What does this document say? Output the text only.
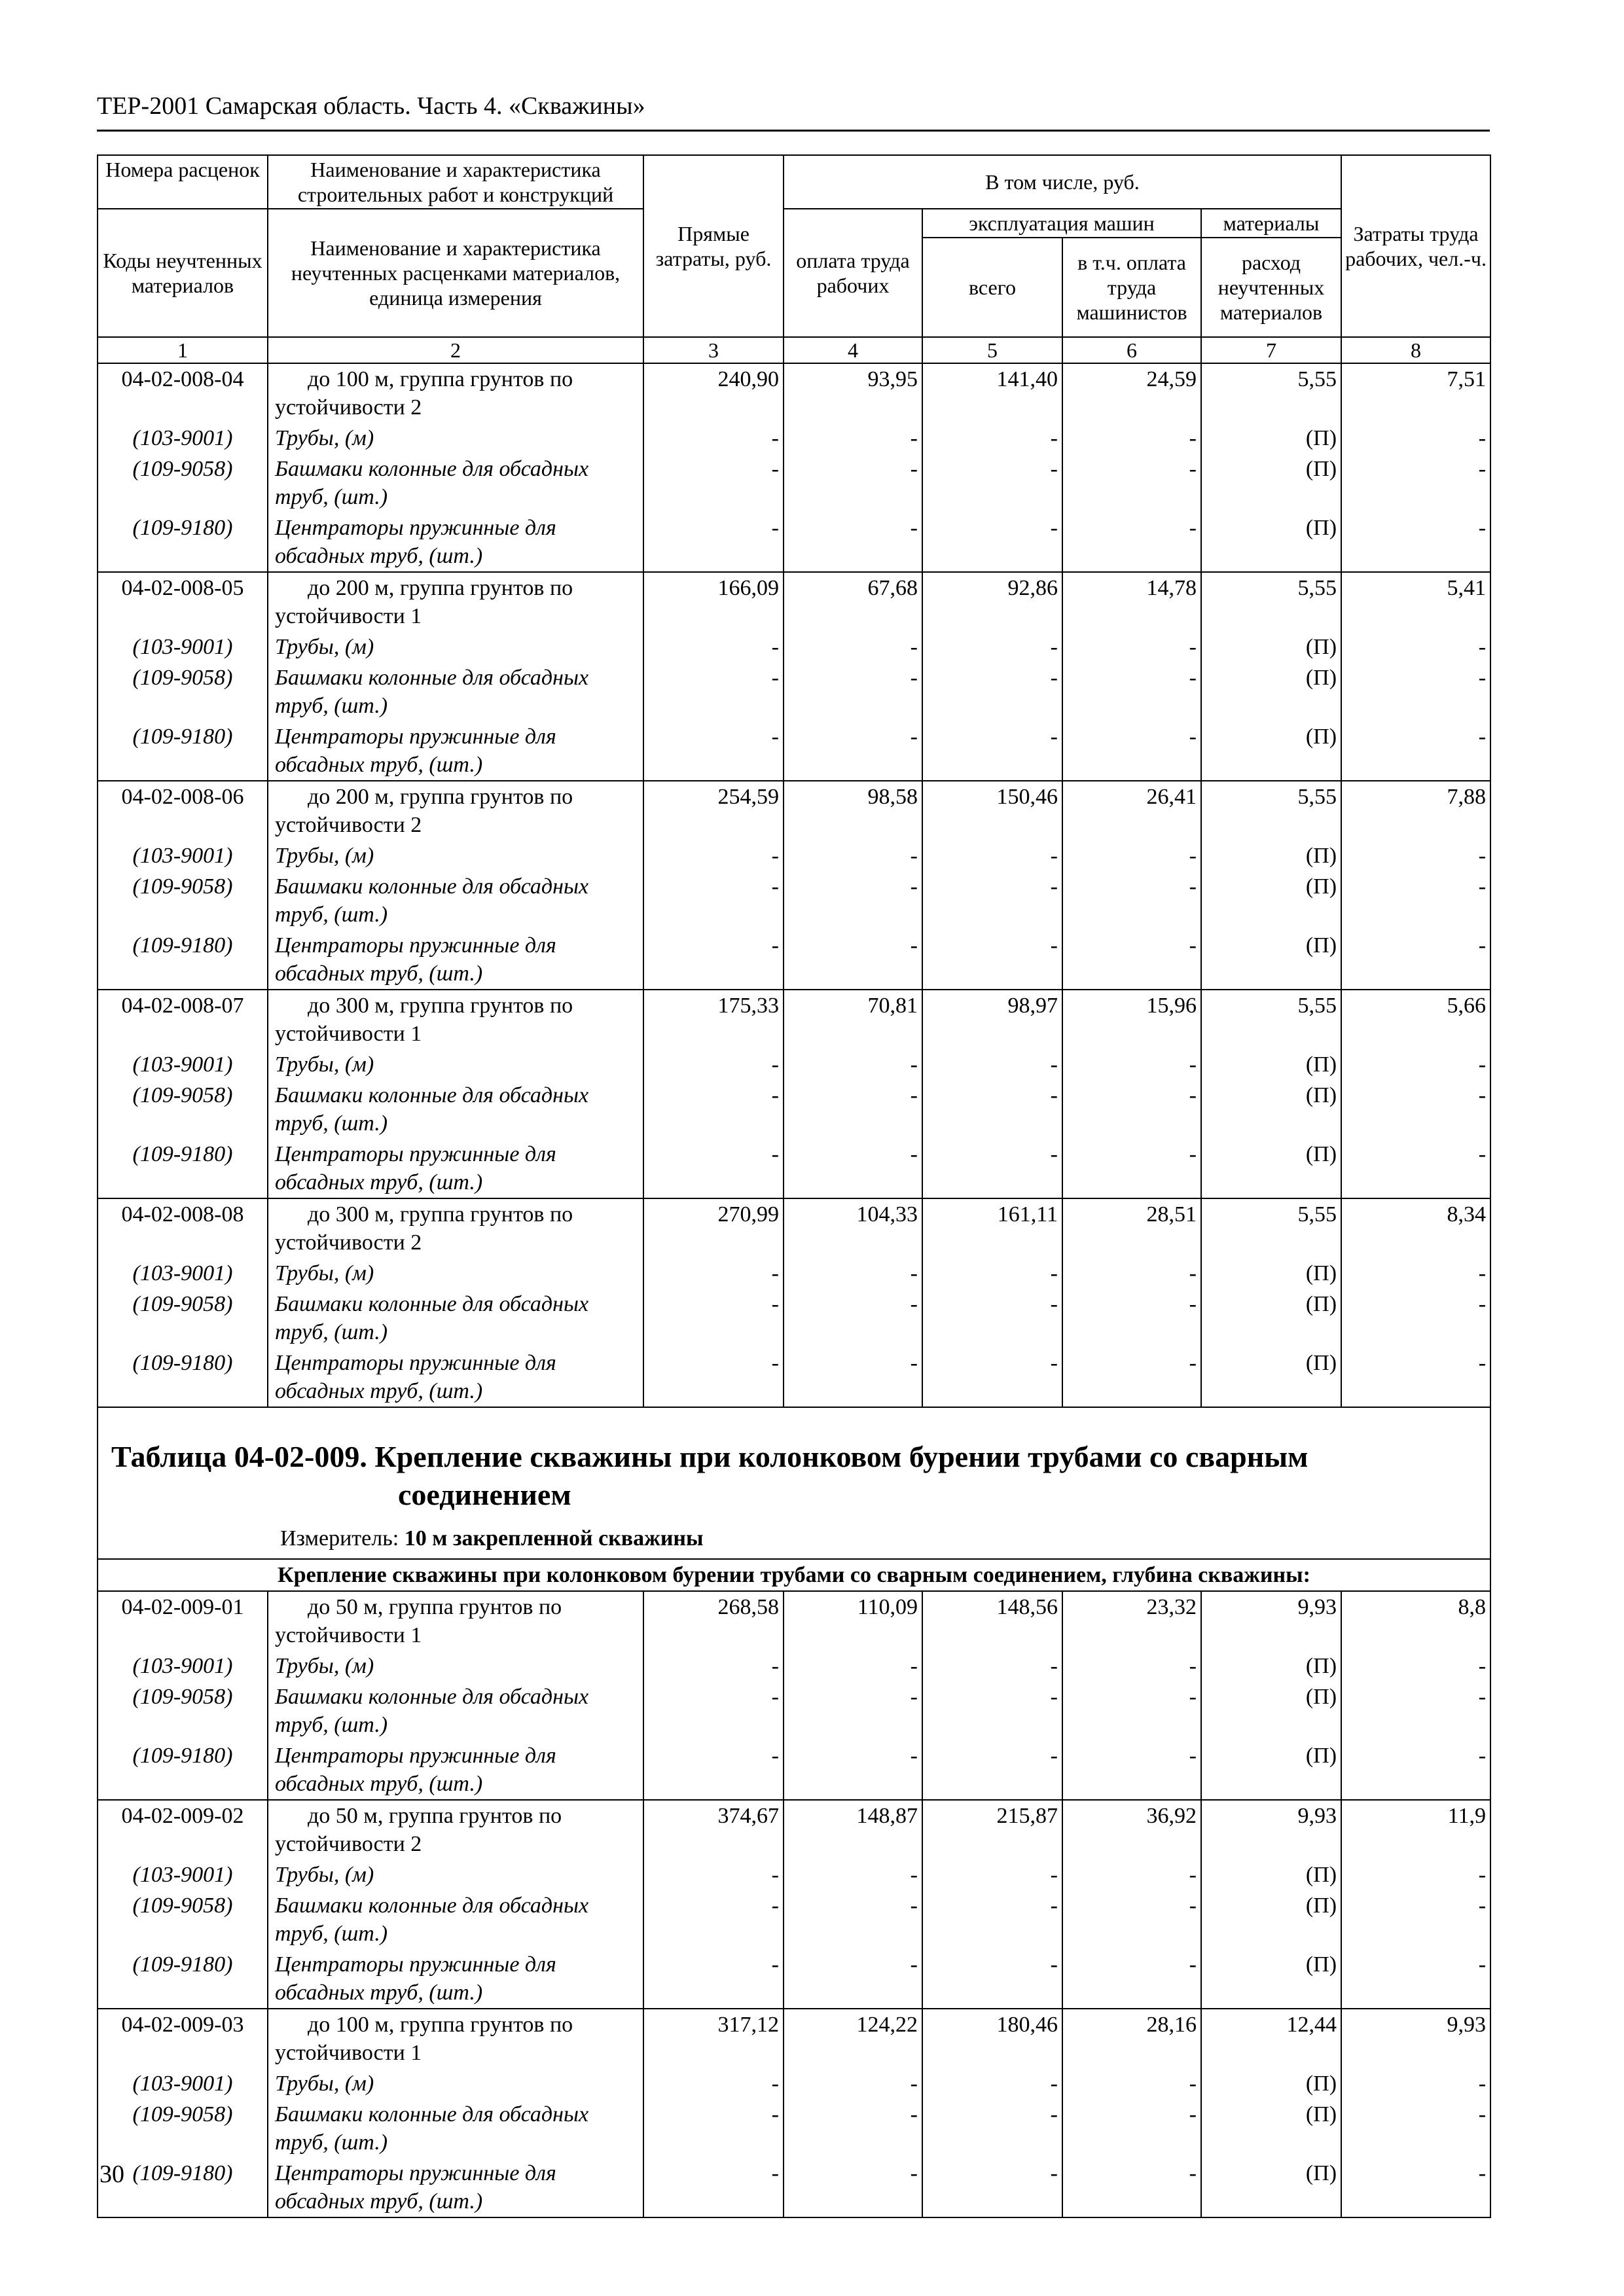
ТЕР-2001 Самарская область. Часть 4. «Скважины»
Номера расценок	Наименование и характеристика строительных работ и конструкций	Прямые затраты, руб.	В том числе, руб.				Затраты труда рабочих, чел.-ч.
Коды неучтенных материалов	Наименование и характеристика неучтенных расценками материалов, единица измерения		оплата труда рабочих	эксплуатация машин		материалы	
				всего	в т.ч. оплата труда машинистов	расход неучтенных материалов	
1	2	3	4	5	6	7	8
04-02-008-04	до 100 м, группа грунтов по устойчивости 2	240,90	93,95	141,40	24,59	5,55	7,51
(103-9001)	Трубы, (м)	-	-	-	-	(П)	-
(109-9058)	Башмаки колонные для обсадных труб, (шт.)	-	-	-	-	(П)	-
(109-9180)	Центраторы пружинные для обсадных труб, (шт.)	-	-	-	-	(П)	-
04-02-008-05	до 200 м, группа грунтов по устойчивости 1	166,09	67,68	92,86	14,78	5,55	5,41
(103-9001)	Трубы, (м)	-	-	-	-	(П)	-
(109-9058)	Башмаки колонные для обсадных труб, (шт.)	-	-	-	-	(П)	-
(109-9180)	Центраторы пружинные для обсадных труб, (шт.)	-	-	-	-	(П)	-
04-02-008-06	до 200 м, группа грунтов по устойчивости 2	254,59	98,58	150,46	26,41	5,55	7,88
(103-9001)	Трубы, (м)	-	-	-	-	(П)	-
(109-9058)	Башмаки колонные для обсадных труб, (шт.)	-	-	-	-	(П)	-
(109-9180)	Центраторы пружинные для обсадных труб, (шт.)	-	-	-	-	(П)	-
04-02-008-07	до 300 м, группа грунтов по устойчивости 1	175,33	70,81	98,97	15,96	5,55	5,66
(103-9001)	Трубы, (м)	-	-	-	-	(П)	-
(109-9058)	Башмаки колонные для обсадных труб, (шт.)	-	-	-	-	(П)	-
(109-9180)	Центраторы пружинные для обсадных труб, (шт.)	-	-	-	-	(П)	-
04-02-008-08	до 300 м, группа грунтов по устойчивости 2	270,99	104,33	161,11	28,51	5,55	8,34
(103-9001)	Трубы, (м)	-	-	-	-	(П)	-
(109-9058)	Башмаки колонные для обсадных труб, (шт.)	-	-	-	-	(П)	-
(109-9180)	Центраторы пружинные для обсадных труб, (шт.)	-	-	-	-	(П)	-

Таблица 04-02-009. Крепление скважины при колонковом бурении трубами со сварным
соединением
Измеритель: 10 м закрепленной скважины							

Крепление скважины при колонковом бурении трубами со сварным соединением, глубина скважины:							
04-02-009-01	до 50 м, группа грунтов по устойчивости 1	268,58	110,09	148,56	23,32	9,93	8,8
(103-9001)	Трубы, (м)	-	-	-	-	(П)	-
(109-9058)	Башмаки колонные для обсадных труб, (шт.)	-	-	-	-	(П)	-
(109-9180)	Центраторы пружинные для обсадных труб, (шт.)	-	-	-	-	(П)	-
04-02-009-02	до 50 м, группа грунтов по устойчивости 2	374,67	148,87	215,87	36,92	9,93	11,9
(103-9001)	Трубы, (м)	-	-	-	-	(П)	-
(109-9058)	Башмаки колонные для обсадных труб, (шт.)	-	-	-	-	(П)	-
(109-9180)	Центраторы пружинные для обсадных труб, (шт.)	-	-	-	-	(П)	-
04-02-009-03	до 100 м, группа грунтов по устойчивости 1	317,12	124,22	180,46	28,16	12,44	9,93
(103-9001)	Трубы, (м)	-	-	-	-	(П)	-
(109-9058)	Башмаки колонные для обсадных труб, (шт.)	-	-	-	-	(П)	-
(109-9180)	Центраторы пружинные для обсадных труб, (шт.)	-	-	-	-	(П)	-
30
